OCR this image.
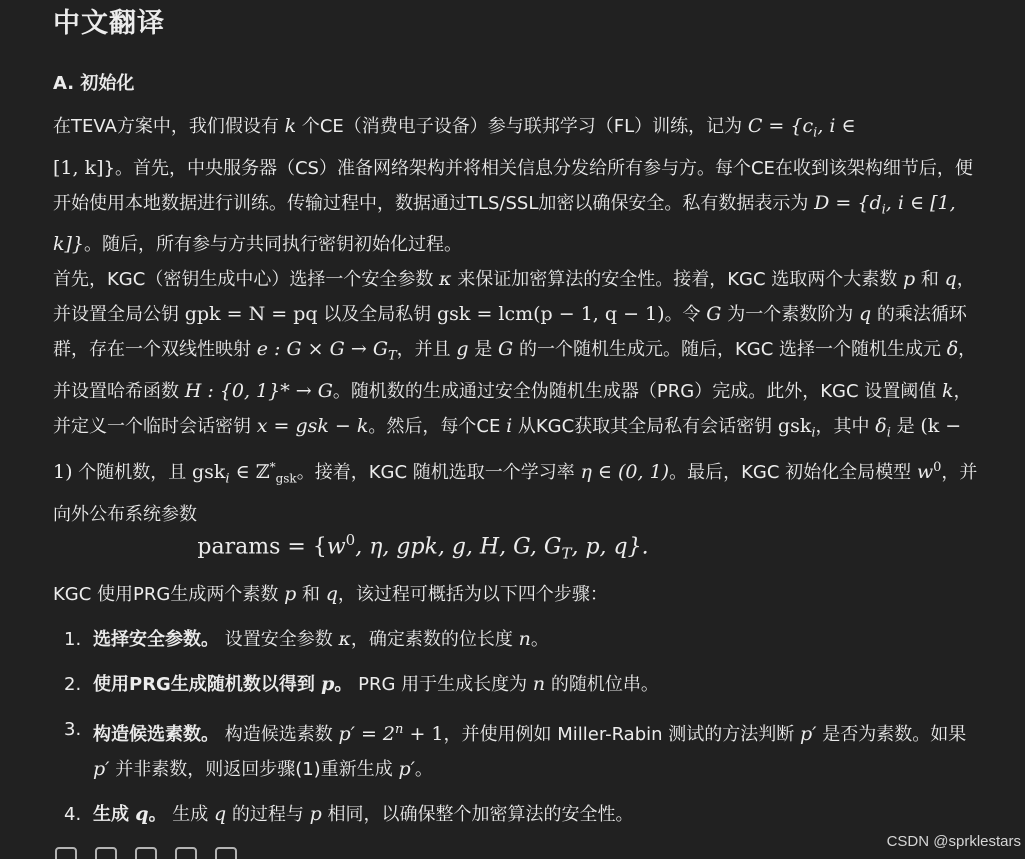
中文翻译
A. 初始化

在TEVA方案中，我们假设有 k 个CE（消费电子设备）参与联邦学习（FL）训练，记为 $C = \{c_i$, i ∈
[1, k]}。首先，中央服务器（CS）准备网络架构并将相关信息分发给所有参与方。每个CE在收到该架构细节后，便开始使用本地数据进行训练。传输过程中，数据通过TLS/SSL加密以确保安全。私有数据表示为 $D = \{d_i$, i ∈ [1, k]}。随后，所有参与方共同执行密钥初始化过程。

首先，KGC（密钥生成中心）选择一个安全参数 κ 来保证加密算法的安全性。接着，KGC 选取两个大素数 p 和 q，并设置全局公钥 gpk = N = pq 以及全局私钥 gsk = lcm(p − 1, q − 1)。令 G 为一个素数阶为 q 的乘法循环群，存在一个双线性映射 e : $G \times G \to G_T$，并且 g 是 G 的一个随机生成元。随后，KGC 选择一个随机生成元 δ，并设置哈希函数 H : {0, 1}* → G。随机数的生成通过安全伪随机生成器（PRG）完成。此外，KGC 设置阈值 k，并定义一个临时会话密钥 x = gsk − k。然后，每个CE i 从KGC获取其全局私有会话密钥 gsk$_i$，其中 $\delta_i$ 是 (k − 1) 个随机数，且 gsk$_i$ ∈ ℤ*$_{gsk}$。接着，KGC 随机选取一个学习率 η ∈ (0, 1)。最后，KGC 初始化全局模型 $w^0$，并向外公布系统参数

params = {$w^0$, η, gpk, g, H, G, $G_T$, p, q}.

KGC 使用PRG生成两个素数 p 和 q，该过程可概括为以下四个步骤：

1. 选择安全参数。 设置安全参数 κ，确定素数的位长度 n。
2. 使用PRG生成随机数以得到 p。 PRG 用于生成长度为 n 的随机位串。
3. 构造候选素数。 构造候选素数 $p' = 2^n + 1$，并使用例如 Miller-Rabin 测试的方法判断 p′ 是否为素数。如果 p′ 并非素数，则返回步骤(1)重新生成 p′。
4. 生成 q。 生成 q 的过程与 p 相同，以确保整个加密算法的安全性。
CSDN @sprklestars
